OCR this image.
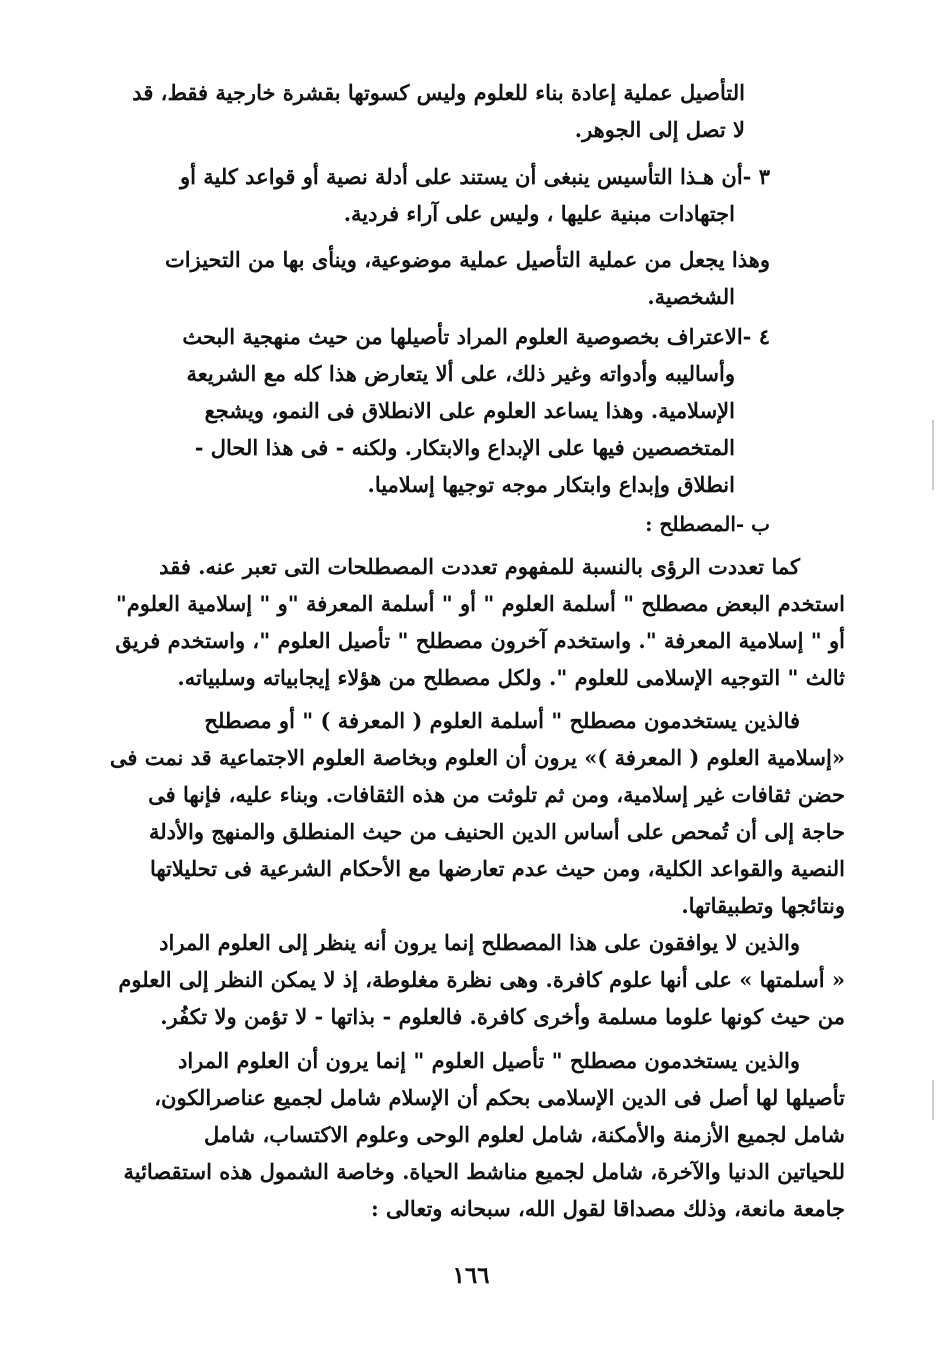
التأصيل عملية إعادة بناء للعلوم وليس كسوتها بقشرة خارجية فقط، قد
لا تصل إلى الجوهر.
٣ -أن هـذا التأسيس ينبغى أن يستند على أدلة نصية أو قواعد كلية أو
اجتهادات مبنية عليها ، وليس على آراء فردية.
وهذا يجعل من عملية التأصيل عملية موضوعية، وينأى بها من التحيزات
الشخصية.
٤ -الاعتراف بخصوصية العلوم المراد تأصيلها من حيث منهجية البحث
وأساليبه وأدواته وغير ذلك، على ألا يتعارض هذا كله مع الشريعة
الإسلامية. وهذا يساعد العلوم على الانطلاق فى النمو، ويشجع
المتخصصين فيها على الإبداع والابتكار. ولكنه - فى هذا الحال -
انطلاق وإبداع وابتكار موجه توجيها إسلاميا.
ب -المصطلح :
كما تعددت الرؤى بالنسبة للمفهوم تعددت المصطلحات التى تعبر عنه. فقد
استخدم البعض مصطلح " أسلمة العلوم " أو " أسلمة المعرفة "و " إسلامية العلوم"
أو " إسلامية المعرفة ". واستخدم آخرون مصطلح " تأصيل العلوم "، واستخدم فريق
ثالث " التوجيه الإسلامى للعلوم ". ولكل مصطلح من هؤلاء إيجابياته وسلبياته.
فالذين يستخدمون مصطلح " أسلمة العلوم ( المعرفة ) " أو مصطلح
«إسلامية العلوم ( المعرفة )» يرون أن العلوم وبخاصة العلوم الاجتماعية قد نمت فى
حضن ثقافات غير إسلامية، ومن ثم تلوثت من هذه الثقافات. وبناء عليه، فإنها فى
حاجة إلى أن تُمحص على أساس الدين الحنيف من حيث المنطلق والمنهج والأدلة
النصية والقواعد الكلية، ومن حيث عدم تعارضها مع الأحكام الشرعية فى تحليلاتها
ونتائجها وتطبيقاتها.
والذين لا يوافقون على هذا المصطلح إنما يرون أنه ينظر إلى العلوم المراد
« أسلمتها » على أنها علوم كافرة. وهى نظرة مغلوطة، إذ لا يمكن النظر إلى العلوم
من حيث كونها علوما مسلمة وأخرى كافرة. فالعلوم - بذاتها - لا تؤمن ولا تكفُر.
والذين يستخدمون مصطلح " تأصيل العلوم " إنما يرون أن العلوم المراد
تأصيلها لها أصل فى الدين الإسلامى بحكم أن الإسلام شامل لجميع عناصرالكون،
شامل لجميع الأزمنة والأمكنة، شامل لعلوم الوحى وعلوم الاكتساب، شامل
للحياتين الدنيا والآخرة، شامل لجميع مناشط الحياة. وخاصة الشمول هذه استقصائية
جامعة مانعة، وذلك مصداقا لقول الله، سبحانه وتعالى :
١٦٦
